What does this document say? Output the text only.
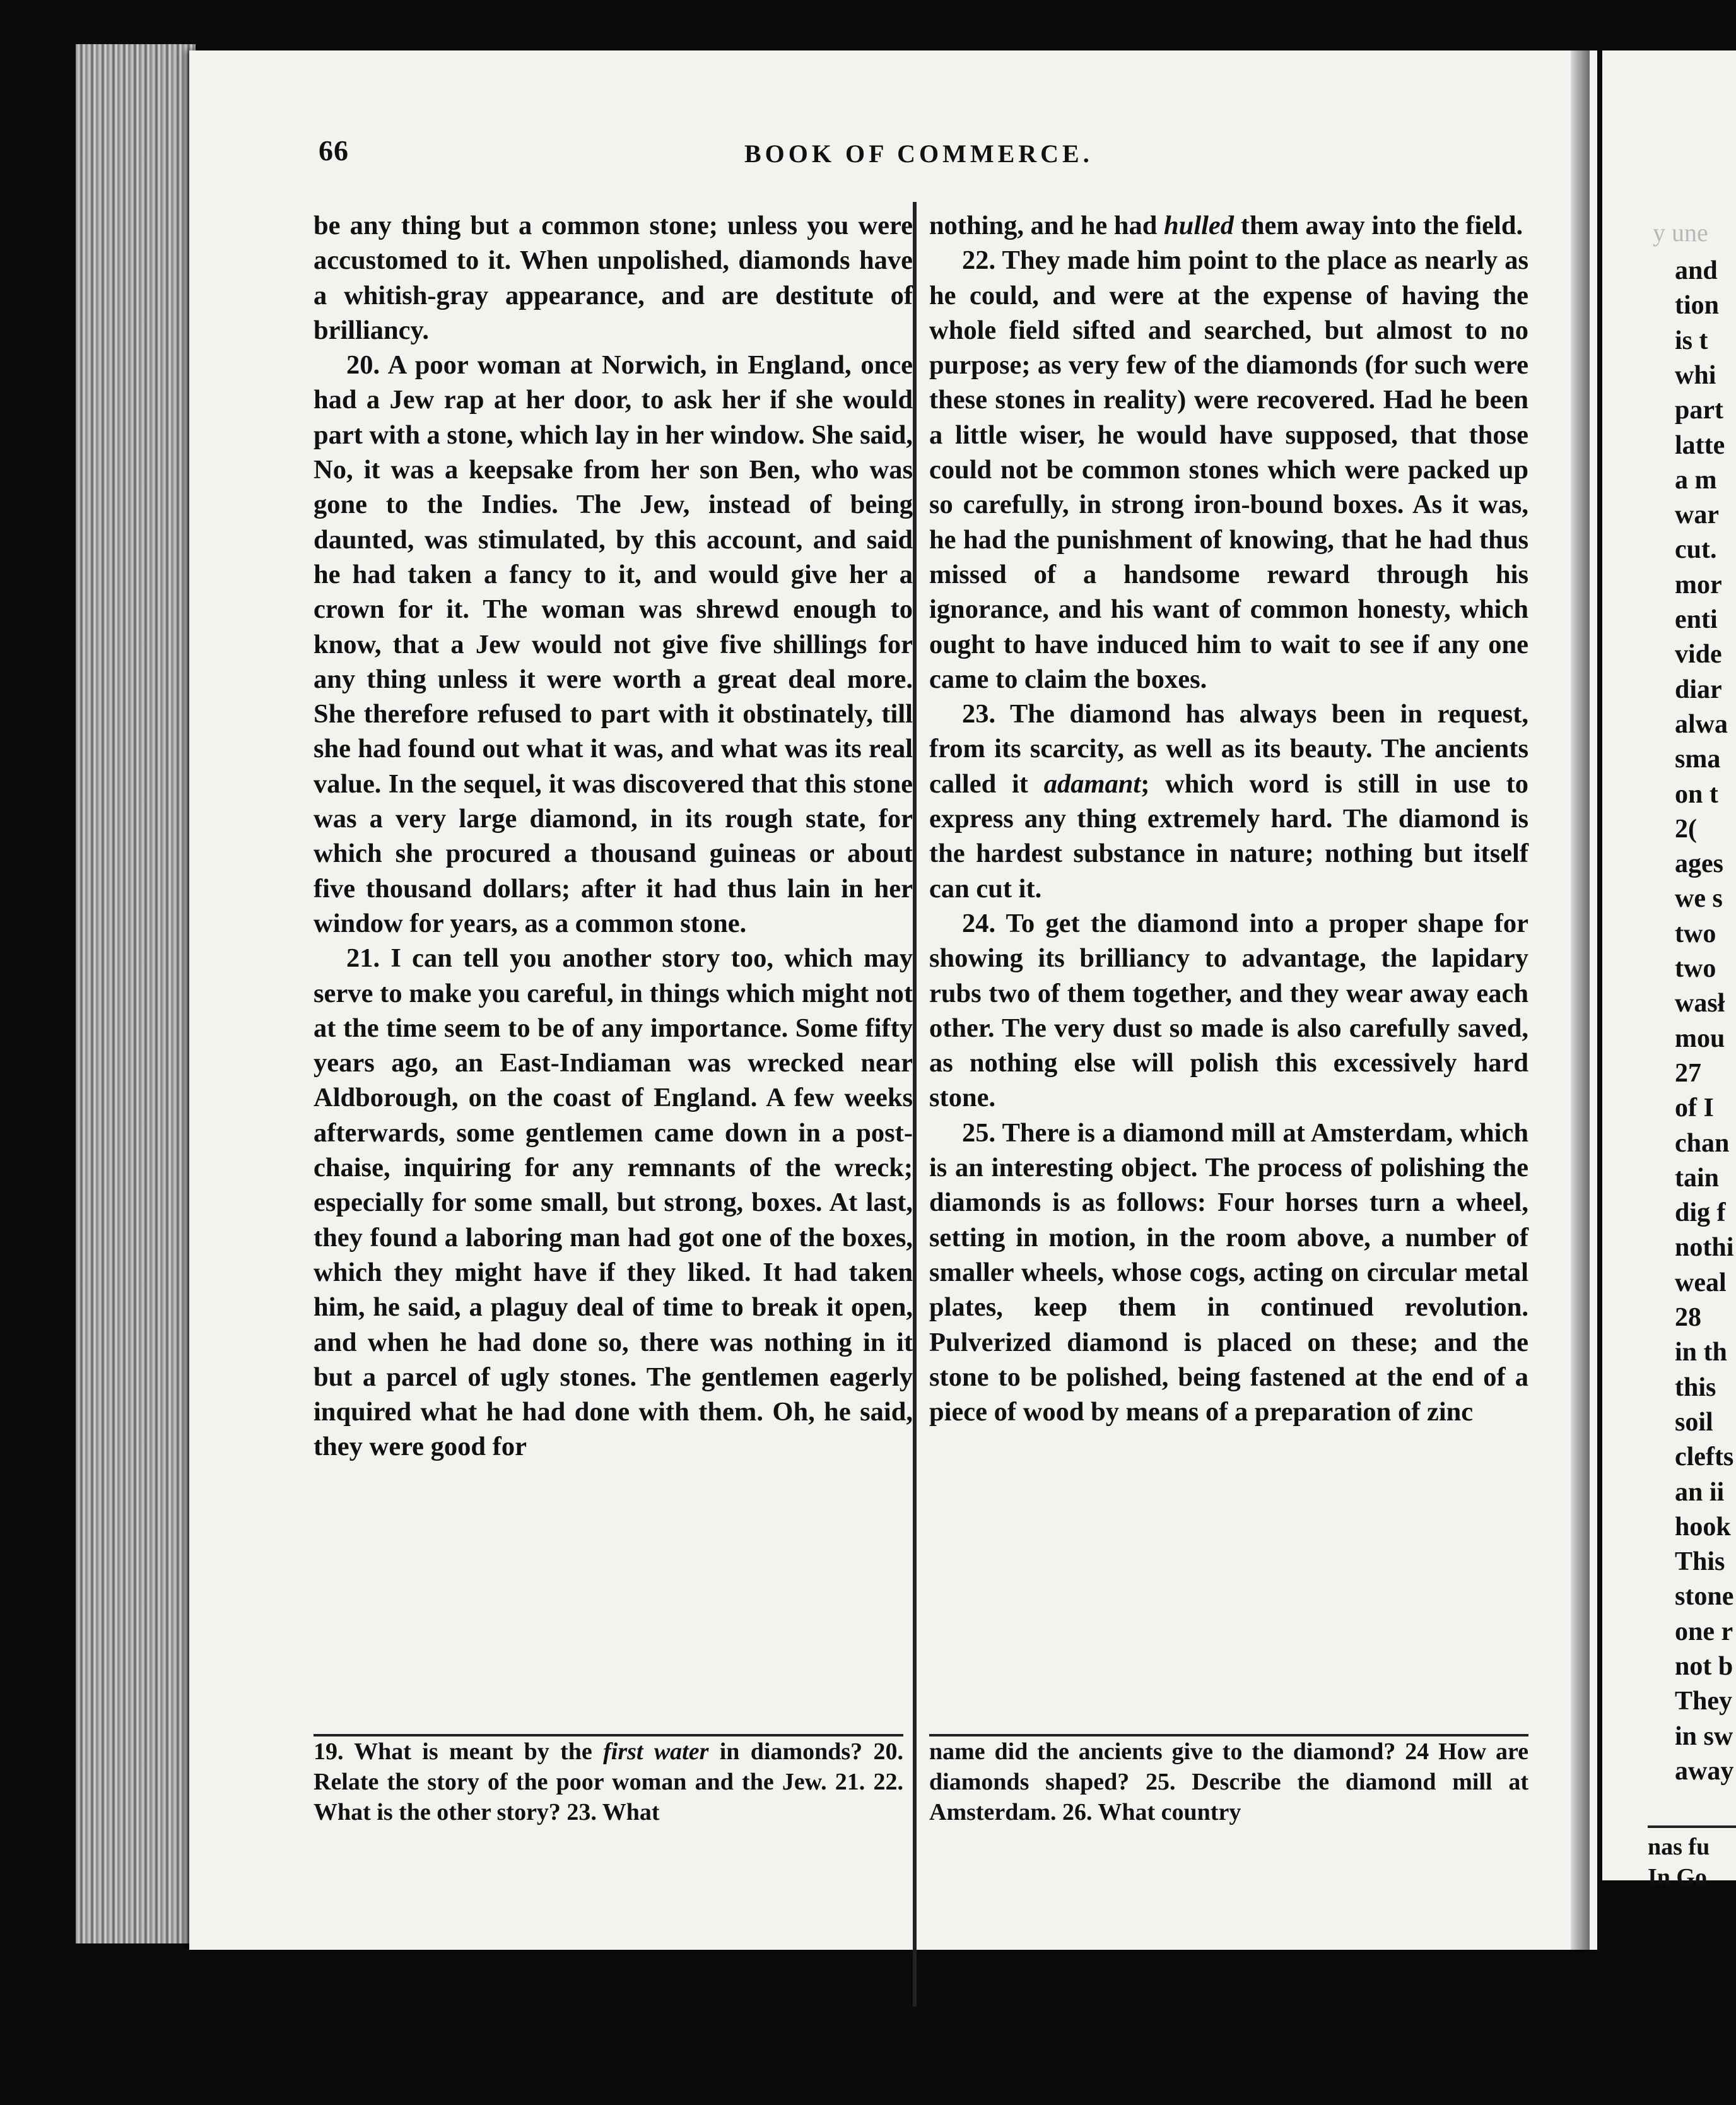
66	BOOK OF COMMERCE.

be any thing but a common stone; unless you were accustomed to it. When unpolished, diamonds have a whitish-gray appearance, and are destitute of brilliancy.

20. A poor woman at Norwich, in England, once had a Jew rap at her door, to ask her if she would part with a stone, which lay in her window. She said, No, it was a keepsake from her son Ben, who was gone to the Indies. The Jew, instead of being daunted, was stimulated, by this account, and said he had taken a fancy to it, and would give her a crown for it. The woman was shrewd enough to know, that a Jew would not give five shillings for any thing unless it were worth a great deal more. She therefore refused to part with it obstinately, till she had found out what it was, and what was its real value. In the sequel, it was discovered that this stone was a very large diamond, in its rough state, for which she procured a thousand guineas or about five thousand dollars; after it had thus lain in her window for years, as a common stone.

21. I can tell you another story too, which may serve to make you careful, in things which might not at the time seem to be of any importance. Some fifty years ago, an East-Indiaman was wrecked near Aldborough, on the coast of England. A few weeks afterwards, some gentlemen came down in a post-chaise, inquiring for any remnants of the wreck; especially for some small, but strong, boxes. At last, they found a laboring man had got one of the boxes, which they might have if they liked. It had taken him, he said, a plaguy deal of time to break it open, and when he had done so, there was nothing in it but a parcel of ugly stones. The gentlemen eagerly inquired what he had done with them. Oh, he said, they were good for

nothing, and he had hulled them away into the field.

22. They made him point to the place as nearly as he could, and were at the expense of having the whole field sifted and searched, but almost to no purpose; as very few of the diamonds (for such were these stones in reality) were recovered. Had he been a little wiser, he would have supposed, that those could not be common stones which were packed up so carefully, in strong iron-bound boxes. As it was, he had the punishment of knowing, that he had thus missed of a handsome reward through his ignorance, and his want of common honesty, which ought to have induced him to wait to see if any one came to claim the boxes.

23. The diamond has always been in request, from its scarcity, as well as its beauty. The ancients called it adamant; which word is still in use to express any thing extremely hard. The diamond is the hardest substance in nature; nothing but itself can cut it.

24. To get the diamond into a proper shape for showing its brilliancy to advantage, the lapidary rubs two of them together, and they wear away each other. The very dust so made is also carefully saved, as nothing else will polish this excessively hard stone.

25. There is a diamond mill at Amsterdam, which is an interesting object. The process of polishing the diamonds is as follows: Four horses turn a wheel, setting in motion, in the room above, a number of smaller wheels, whose cogs, acting on circular metal plates, keep them in continued revolution. Pulverized diamond is placed on these; and the stone to be polished, being fastened at the end of a piece of wood by means of a preparation of zinc

19. What is meant by the first water in diamonds? 20. Relate the story of the poor woman and the Jew. 21. 22. What is the other story? 23. What

name did the ancients give to the diamond? 24 How are diamonds shaped? 25. Describe the diamond mill at Amsterdam. 26. What country

y une
and
tion
is t
whi
part
latte
a m
war
cut.
mor
enti
vide
diar
alwa
sma
on t
2(
ages
we s
two
two
wasł
mou
27
of I
chan
tain
dig f
nothi
weal
28
in th
this
soil
clefts
an ii
hook
This
stone
one r
not b
They
in sw
away
nas fu
In Go
